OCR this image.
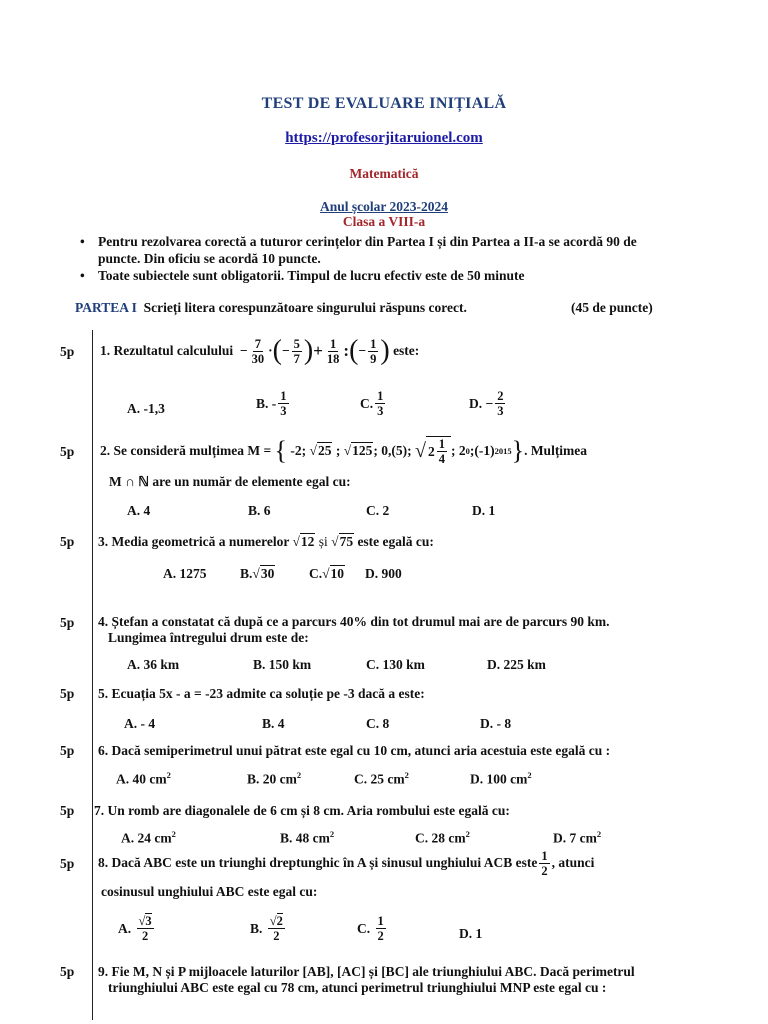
TEST DE EVALUARE INIȚIALĂ
https://profesorjitaruionel.com
Matematică
Anul școlar 2023-2024
Clasa a VIII-a
• Pentru rezolvarea corectă a tuturor cerințelor din Partea I și din Partea a II-a se acordă 90 de puncte. Din oficiu se acordă 10 puncte.
• Toate subiectele sunt obligatorii. Timpul de lucru efectiv este de 50 minute
PARTEA I Scrieți litera corespunzătoare singurului răspuns corect.	(45 de puncte)
5p 1. Rezultatul calculului
− $\frac{7}{30}$ · ( − $\frac{5}{7}$ ) + $\frac{1}{18}$ : ( − $\frac{1}{9}$ )
este:
A. -1,3	B. - $\frac{1}{3}$	C. $\frac{1}{3}$	D. − $\frac{2}{3}$
5p 2. Se consideră mulțimea M =
{
-2;
√25 ; √125 ; 0,(5);
√ $2 \frac{1}{4}$ ; 2 0 ;(-1) 2015 } . Mulțimea
M ∩ ℕ are un număr de elemente egal cu:
A. 4	B. 6	C. 2	D. 1
5p 3. Media geometrică a numerelor √12 și √75 este egală cu:
A. 1275 B.√30	C.√10 D. 900
5p 4. Ștefan a constatat că după ce a parcurs 40% din tot drumul mai are de parcurs 90 km.
Lungimea întregului drum este de:
A. 36 km	B. 150 km	C. 130 km	D. 225 km
5p 5. Ecuația 5x - a = -23 admite ca soluție pe -3 dacă a este:
A. - 4	B. 4	C. 8	D. - 8
5p 6. Dacă semiperimetrul unui pătrat este egal cu 10 cm, atunci aria acestuia este egală cu :
A. 40 $cm^2$	B. 20 $cm^2$	C. 25 $cm^2$	D. 100 $cm^2$
5p 7. Un romb are diagonalele de 6 cm și 8 cm. Aria rombului este egală cu:
A. 24 $cm^2$	B. 48 $cm^2$	C. 28 $cm^2$	D. 7 $cm^2$
5p 8. Dacă ABC este un triunghi dreptunghic în A și sinusul unghiului ACB este $\frac{1}{2}$ , atunci
cosinusul unghiului ABC este egal cu:
A.
$\frac{√3}{2}$	B.
$\frac{√2}{2}$	C.
$\frac{1}{2}$	D. 1
5p 9. Fie M, N și P mijloacele laturilor [AB], [AC] și [BC] ale triunghiului ABC. Dacă perimetrul
triunghiului ABC este egal cu 78 cm, atunci perimetrul triunghiului MNP este egal cu :
